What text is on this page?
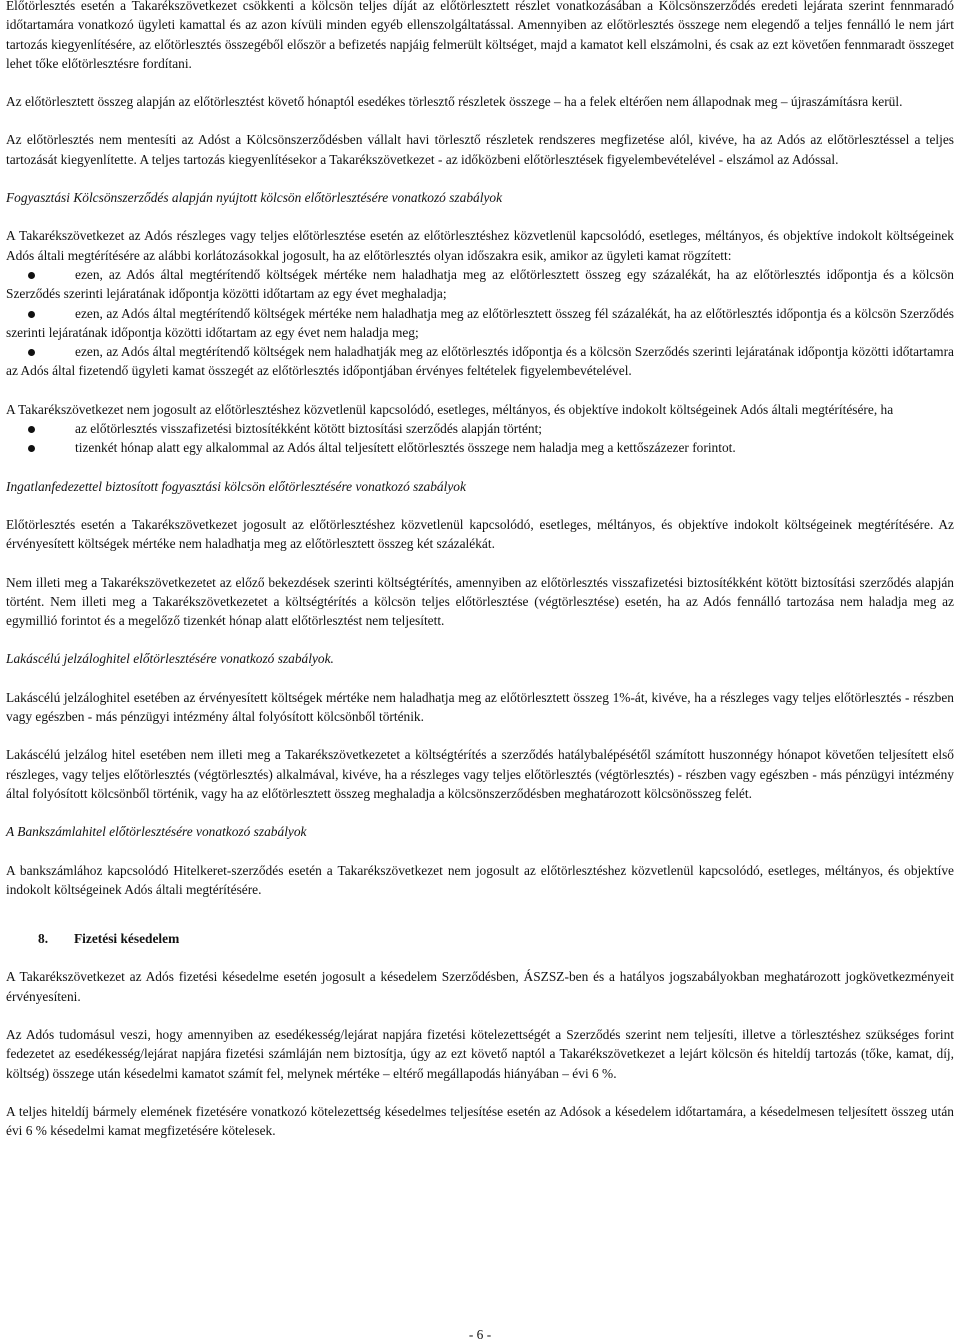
Előtörlesztés esetén a Takarékszövetkezet csökkenti a kölcsön teljes díját az előtörlesztett részlet vonatkozásában a Kölcsönszerződés eredeti lejárata szerint fennmaradó időtartamára vonatkozó ügyleti kamattal és az azon kívüli minden egyéb ellenszolgáltatással. Amennyiben az előtörlesztés összege nem elegendő a teljes fennálló le nem járt tartozás kiegyenlítésére, az előtörlesztés összegéből először a befizetés napjáig felmerült költséget, majd a kamatot kell elszámolni, és csak az ezt követően fennmaradt összeget lehet tőke előtörlesztésre fordítani.

Az előtörlesztett összeg alapján az előtörlesztést követő hónaptól esedékes törlesztő részletek összege – ha a felek eltérően nem állapodnak meg – újraszámításra kerül.

Az előtörlesztés nem mentesíti az Adóst a Kölcsönszerződésben vállalt havi törlesztő részletek rendszeres megfizetése alól, kivéve, ha az Adós az előtörlesztéssel a teljes tartozását kiegyenlítette. A teljes tartozás kiegyenlítésekor a Takarékszövetkezet - az időközbeni előtörlesztések figyelembevételével - elszámol az Adóssal.

Fogyasztási Kölcsönszerződés alapján nyújtott kölcsön előtörlesztésére vonatkozó szabályok

A Takarékszövetkezet az Adós részleges vagy teljes előtörlesztése esetén az előtörlesztéshez közvetlenül kapcsolódó, esetleges, méltányos, és objektíve indokolt költségeinek Adós általi megtérítésére az alábbi korlátozásokkal jogosult, ha az előtörlesztés olyan időszakra esik, amikor az ügyleti kamat rögzített:

ezen, az Adós által megtérítendő költségek mértéke nem haladhatja meg az előtörlesztett összeg egy százalékát, ha az előtörlesztés időpontja és a kölcsön Szerződés szerinti lejáratának időpontja közötti időtartam az egy évet meghaladja;
ezen, az Adós által megtérítendő költségek mértéke nem haladhatja meg az előtörlesztett összeg fél százalékát, ha az előtörlesztés időpontja és a kölcsön Szerződés szerinti lejáratának időpontja közötti időtartam az egy évet nem haladja meg;
ezen, az Adós által megtérítendő költségek nem haladhatják meg az előtörlesztés időpontja és a kölcsön Szerződés szerinti lejáratának időpontja közötti időtartamra az Adós által fizetendő ügyleti kamat összegét az előtörlesztés időpontjában érvényes feltételek figyelembevételével.

A Takarékszövetkezet nem jogosult az előtörlesztéshez közvetlenül kapcsolódó, esetleges, méltányos, és objektíve indokolt költségeinek Adós általi megtérítésére, ha

az előtörlesztés visszafizetési biztosítékként kötött biztosítási szerződés alapján történt;
tizenkét hónap alatt egy alkalommal az Adós által teljesített előtörlesztés összege nem haladja meg a kettőszázezer forintot.

Ingatlanfedezettel biztosított fogyasztási kölcsön előtörlesztésére vonatkozó szabályok

Előtörlesztés esetén a Takarékszövetkezet jogosult az előtörlesztéshez közvetlenül kapcsolódó, esetleges, méltányos, és objektíve indokolt költségeinek megtérítésére. Az érvényesített költségek mértéke nem haladhatja meg az előtörlesztett összeg két százalékát.

Nem illeti meg a Takarékszövetkezetet az előző bekezdések szerinti költségtérítés, amennyiben az előtörlesztés visszafizetési biztosítékként kötött biztosítási szerződés alapján történt. Nem illeti meg a Takarékszövetkezetet a költségtérítés a kölcsön teljes előtörlesztése (végtörlesztése) esetén, ha az Adós fennálló tartozása nem haladja meg az egymillió forintot és a megelőző tizenkét hónap alatt előtörlesztést nem teljesített.

Lakáscélú jelzáloghitel előtörlesztésére vonatkozó szabályok.

Lakáscélú jelzáloghitel esetében az érvényesített költségek mértéke nem haladhatja meg az előtörlesztett összeg 1%-át, kivéve, ha a részleges vagy teljes előtörlesztés - részben vagy egészben - más pénzügyi intézmény által folyósított kölcsönből történik.

Lakáscélú jelzálog hitel esetében nem illeti meg a Takarékszövetkezetet a költségtérítés a szerződés hatálybalépésétől számított huszonnégy hónapot követően teljesített első részleges, vagy teljes előtörlesztés (végtörlesztés) alkalmával, kivéve, ha a részleges vagy teljes előtörlesztés (végtörlesztés) - részben vagy egészben - más pénzügyi intézmény által folyósított kölcsönből történik, vagy ha az előtörlesztett összeg meghaladja a kölcsönszerződésben meghatározott kölcsönösszeg felét.

A Bankszámlahitel előtörlesztésére vonatkozó szabályok

A bankszámlához kapcsolódó Hitelkeret-szerződés esetén a Takarékszövetkezet nem jogosult az előtörlesztéshez közvetlenül kapcsolódó, esetleges, méltányos, és objektíve indokolt költségeinek Adós általi megtérítésére.

8. Fizetési késedelem

A Takarékszövetkezet az Adós fizetési késedelme esetén jogosult a késedelem Szerződésben, ÁSZSZ-ben és a hatályos jogszabályokban meghatározott jogkövetkezményeit érvényesíteni.

Az Adós tudomásul veszi, hogy amennyiben az esedékesség/lejárat napjára fizetési kötelezettségét a Szerződés szerint nem teljesíti, illetve a törlesztéshez szükséges forint fedezetet az esedékesség/lejárat napjára fizetési számláján nem biztosítja, úgy az ezt követő naptól a Takarékszövetkezet a lejárt kölcsön és hiteldíj tartozás (tőke, kamat, díj, költség) összege után késedelmi kamatot számít fel, melynek mértéke – eltérő megállapodás hiányában – évi 6 %.

A teljes hiteldíj bármely elemének fizetésére vonatkozó kötelezettség késedelmes teljesítése esetén az Adósok a késedelem időtartamára, a késedelmesen teljesített összeg után évi 6 % késedelmi kamat megfizetésére kötelesek.

- 6 -
